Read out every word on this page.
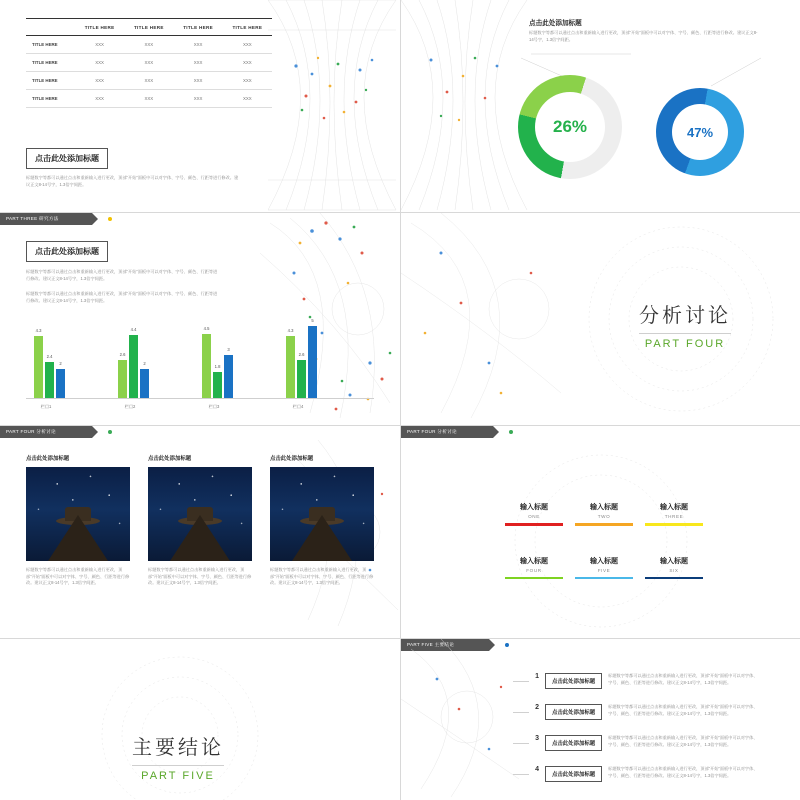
	TITLE HERE	TITLE HERE	TITLE HERE	TITLE HERE
TITLE HERE	XXX	XXX	XXX	XXX
TITLE HERE	XXX	XXX	XXX	XXX
TITLE HERE	XXX	XXX	XXX	XXX
TITLE HERE	XXX	XXX	XXX	XXX
点击此处添加标题
标题数字等都可以通过点击和重新输入进行更改，顶部“开始”面板中可以对字体、字号、颜色、行距等进行修改。建议正文8-14号字，1.3倍字间距。
点击此处添加标题
标题数字等都可以通过点击和重新输入进行更改，顶部“开始”面板中可以对字体、字号、颜色、行距等进行修改。建议正文8-14号字，1.3倍字间距。
26%	47%
PART THREE 研究方法
点击此处添加标题
标题数字等都可以通过点击和重新输入进行更改，顶部“开始”面板中可以对字体、字号、颜色、行距等进行修改。建议正文8-14号字，1.3倍字间距。
标题数字等都可以通过点击和重新输入进行更改，顶部“开始”面板中可以对字体、字号、颜色、行距等进行修改。建议正文8-14号字，1.3倍字间距。
4.3
2.4
2
栏目1
2.6
4.4
2
栏目2
4.5
1.8
3
栏目3
4.3
2.6
5
栏目4
分析讨论
PART FOUR
PART FOUR 分析讨论
点击此处添加标题
标题数字等都可以通过点击和重新输入进行更改，顶部“开始”面板中可以对字体、字号、颜色、行距等进行修改。建议正文8-14号字，1.3倍字间距。
点击此处添加标题
标题数字等都可以通过点击和重新输入进行更改，顶部“开始”面板中可以对字体、字号、颜色、行距等进行修改。建议正文8-14号字，1.3倍字间距。
点击此处添加标题
标题数字等都可以通过点击和重新输入进行更改，顶部“开始”面板中可以对字体、字号、颜色、行距等进行修改。建议正文8-14号字，1.3倍字间距。
PART FOUR 分析讨论
输入标题
ONE
输入标题
TWO
输入标题
THREE
输入标题
FOUR
输入标题
FIVE
输入标题
SIX
主要结论
PART FIVE
PART FIVE 主要结论
1
点击此处添加标题
标题数字等都可以通过点击和重新输入进行更改，顶部“开始”面板中可以对字体、字号、颜色、行距等进行修改。建议正文8-14号字，1.3倍字间距。
2
点击此处添加标题
标题数字等都可以通过点击和重新输入进行更改，顶部“开始”面板中可以对字体、字号、颜色、行距等进行修改。建议正文8-14号字，1.3倍字间距。
3
点击此处添加标题
标题数字等都可以通过点击和重新输入进行更改，顶部“开始”面板中可以对字体、字号、颜色、行距等进行修改。建议正文8-14号字，1.3倍字间距。
4
点击此处添加标题
标题数字等都可以通过点击和重新输入进行更改，顶部“开始”面板中可以对字体、字号、颜色、行距等进行修改。建议正文8-14号字，1.3倍字间距。
